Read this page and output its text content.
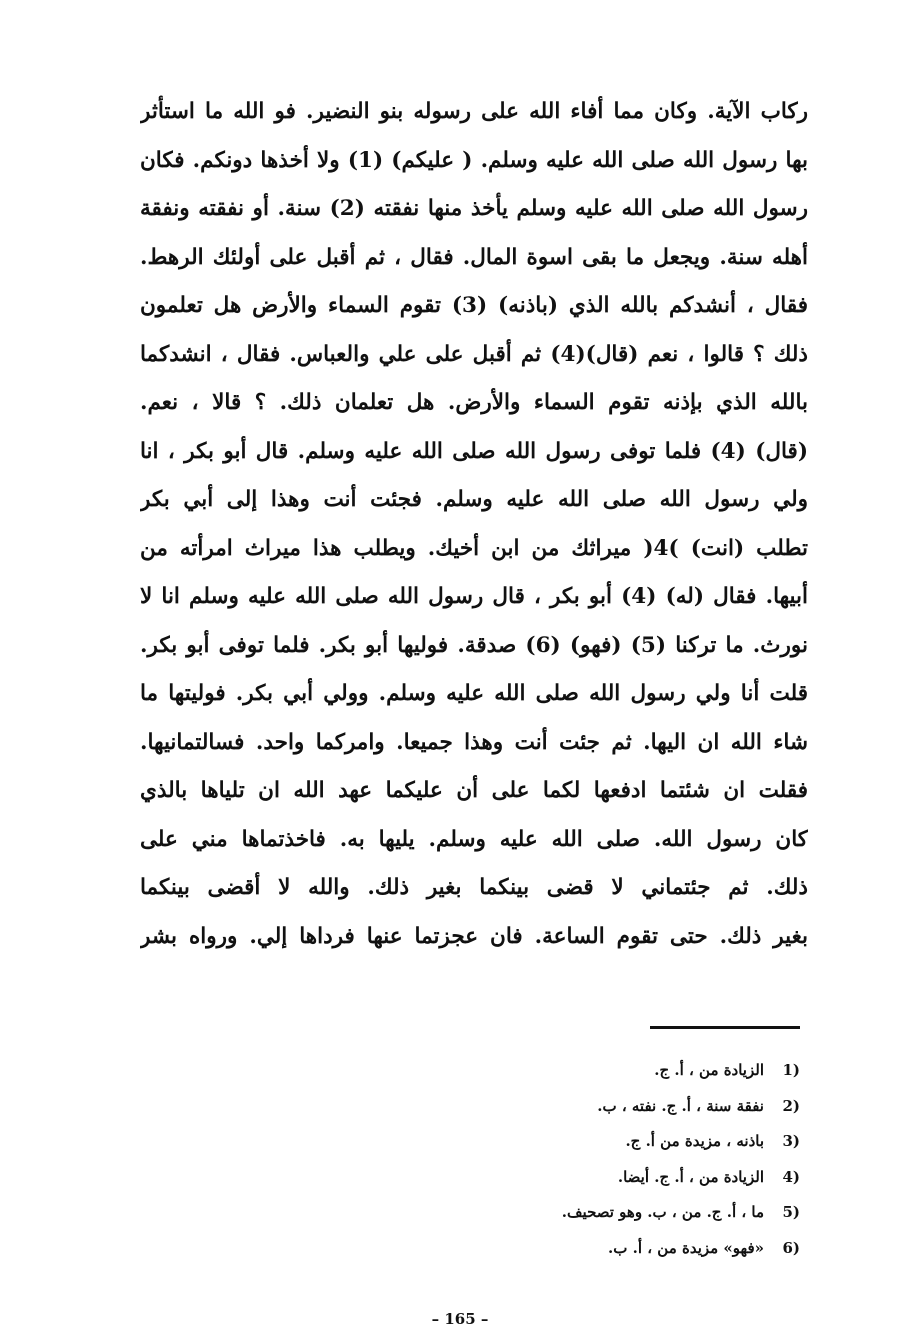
ركاب الآية. وكان مما أفاء الله على رسوله بنو النضير. فو الله ما استأثر
بها رسول الله صلى الله عليه وسلم. ( عليكم) (1) ولا أخذها دونكم. فكان
رسول الله صلى الله عليه وسلم يأخذ منها نفقته (2) سنة. أو نفقته ونفقة
أهله سنة. ويجعل ما بقى اسوة المال. فقال ، ثم أقبل على أولئك الرهط.
فقال ، أنشدكم بالله الذي (باذنه) (3) تقوم السماء والأرض هل تعلمون
ذلك ؟ قالوا ، نعم (قال)(4) ثم أقبل على علي والعباس. فقال ، انشدكما
بالله الذي بإذنه تقوم السماء والأرض. هل تعلمان ذلك. ؟ قالا ، نعم.
(قال) (4) فلما توفى رسول الله صلى الله عليه وسلم. قال أبو بكر ، انا
ولي رسول الله صلى الله عليه وسلم. فجئت أنت وهذا إلى أبي بكر
تطلب (انت) )4( ميراثك من ابن أخيك. ويطلب هذا ميراث امرأته من
أبيها. فقال (له) (4) أبو بكر ، قال رسول الله صلى الله عليه وسلم انا لا
نورث. ما تركنا (5) (فهو) (6) صدقة. فوليها أبو بكر. فلما توفى أبو بكر.
قلت أنا ولي رسول الله صلى الله عليه وسلم. وولي أبي بكر. فوليتها ما
شاء الله ان اليها. ثم جئت أنت وهذا جميعا. وامركما واحد. فسالتمانيها.
فقلت ان شئتما ادفعها لكما على أن عليكما عهد الله ان تلياها بالذي
كان رسول الله. صلى الله عليه وسلم. يليها به. فاخذتماها مني على
ذلك. ثم جئتماني لا قضى بينكما بغير ذلك. والله لا أقضى بينكما
بغير ذلك. حتى تقوم الساعة. فان عجزتما عنها فرداها إلي. ورواه بشر
1)الزيادة من ، أ. ج.
2)نفقة سنة ، أ. ج. نفته ، ب.
3)باذنه ، مزيدة من أ. ج.
4)الزيادة من ، أ. ج. أيضا.
5)ما ، أ. ج. من ، ب. وهو تصحيف.
6)«فهو» مزيدة من ، أ. ب.
– 165 –
